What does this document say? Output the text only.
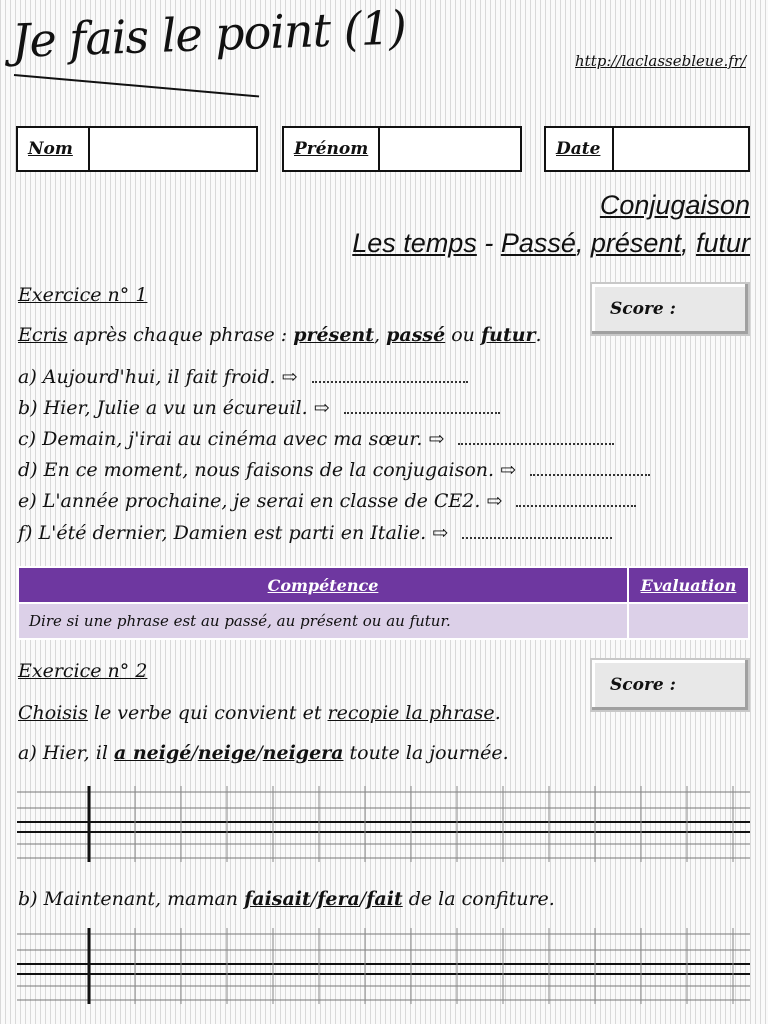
Je fais le point (1)	http://laclassebleue.fr/
Nom	Prénom	Date
Conjugaison
Les temps - Passé, présent, futur
Exercice n° 1
Score :
Ecris après chaque phrase : présent, passé ou futur.
a) Aujourd'hui, il fait froid. ⇨
b) Hier, Julie a vu un écureuil. ⇨
c) Demain, j'irai au cinéma avec ma sœur. ⇨
d) En ce moment, nous faisons de la conjugaison. ⇨
e) L'année prochaine, je serai en classe de CE2. ⇨
f) L'été dernier, Damien est parti en Italie. ⇨
Compétence	Evaluation
Dire si une phrase est au passé, au présent ou au futur.	
Exercice n° 2
Score :
Choisis le verbe qui convient et recopie la phrase.
a) Hier, il a neigé/neige/neigera toute la journée.
b) Maintenant, maman faisait/fera/fait de la confiture.
